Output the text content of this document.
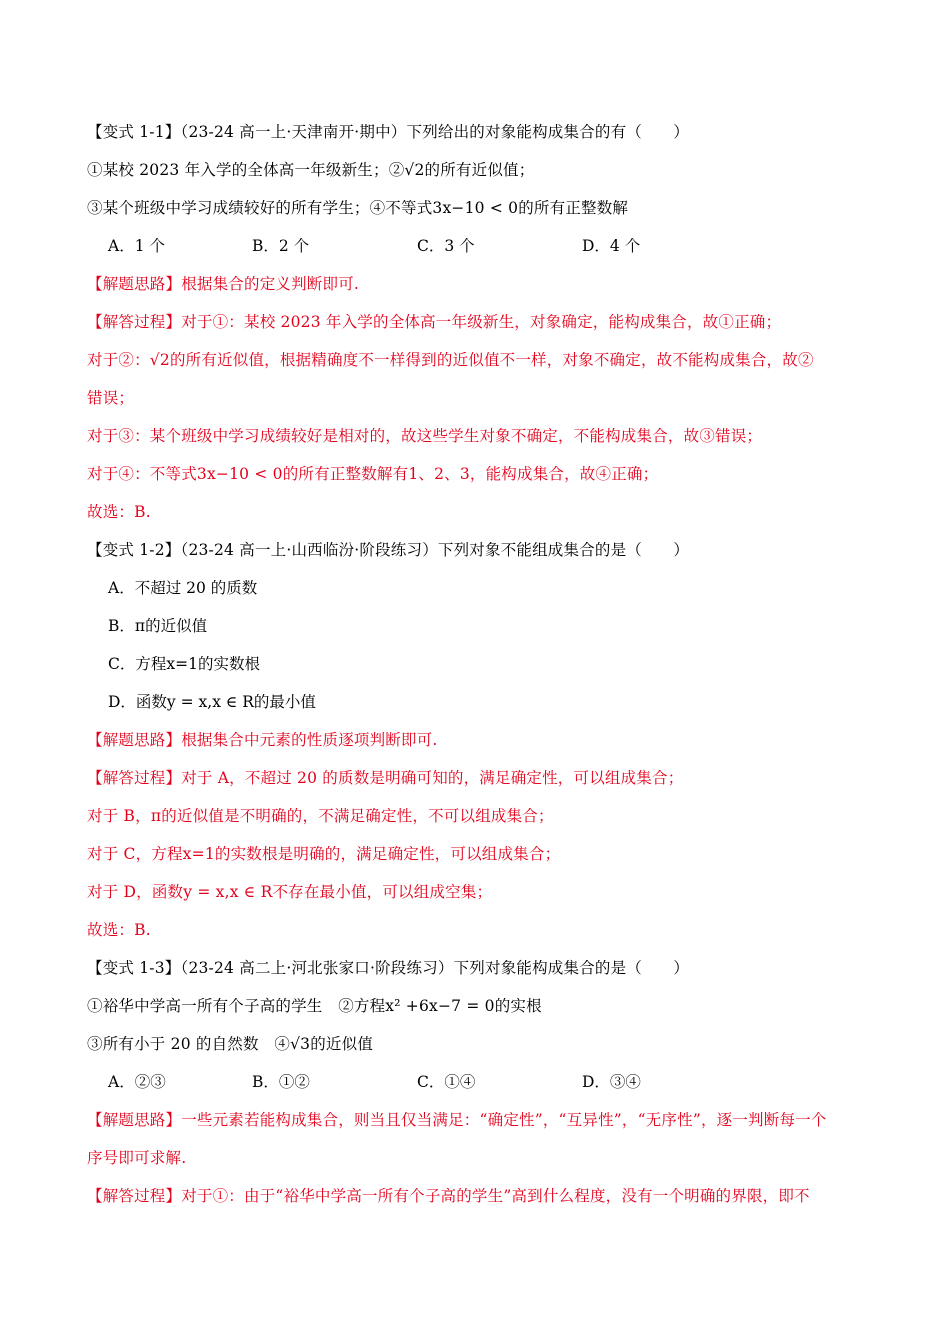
【变式 1-1】（23-24 高一上·天津南开·期中）下列给出的对象能构成集合的有（　　）
①某校 2023 年入学的全体高一年级新生；②√2的所有近似值；
③某个班级中学习成绩较好的所有学生；④不等式3x−10 < 0的所有正整数解
A．1 个	B．2 个	C．3 个	D．4 个
【解题思路】根据集合的定义判断即可.
【解答过程】对于①：某校 2023 年入学的全体高一年级新生，对象确定，能构成集合，故①正确；
对于②：√2的所有近似值，根据精确度不一样得到的近似值不一样，对象不确定，故不能构成集合，故②
错误；
对于③：某个班级中学习成绩较好是相对的，故这些学生对象不确定，不能构成集合，故③错误；
对于④：不等式3x−10 < 0的所有正整数解有1、2、3，能构成集合，故④正确；
故选：B.
【变式 1-2】（23-24 高一上·山西临汾·阶段练习）下列对象不能组成集合的是（　　）
A．不超过 20 的质数
B．π的近似值
C．方程x=1的实数根
D．函数y = x,x ∈ R的最小值
【解题思路】根据集合中元素的性质逐项判断即可.
【解答过程】对于 A，不超过 20 的质数是明确可知的，满足确定性，可以组成集合；
对于 B，π的近似值是不明确的，不满足确定性，不可以组成集合；
对于 C，方程x=1的实数根是明确的，满足确定性，可以组成集合；
对于 D，函数y = x,x ∈ R不存在最小值，可以组成空集；
故选：B.
【变式 1-3】（23-24 高二上·河北张家口·阶段练习）下列对象能构成集合的是（　　）
①裕华中学高一所有个子高的学生　②方程x² +6x−7 = 0的实根
③所有小于 20 的自然数　④√3的近似值
A．②③	B．①②	C．①④	D．③④
【解题思路】一些元素若能构成集合，则当且仅当满足：“确定性”，“互异性”，“无序性”，逐一判断每一个
序号即可求解.
【解答过程】对于①：由于“裕华中学高一所有个子高的学生”高到什么程度，没有一个明确的界限，即不
